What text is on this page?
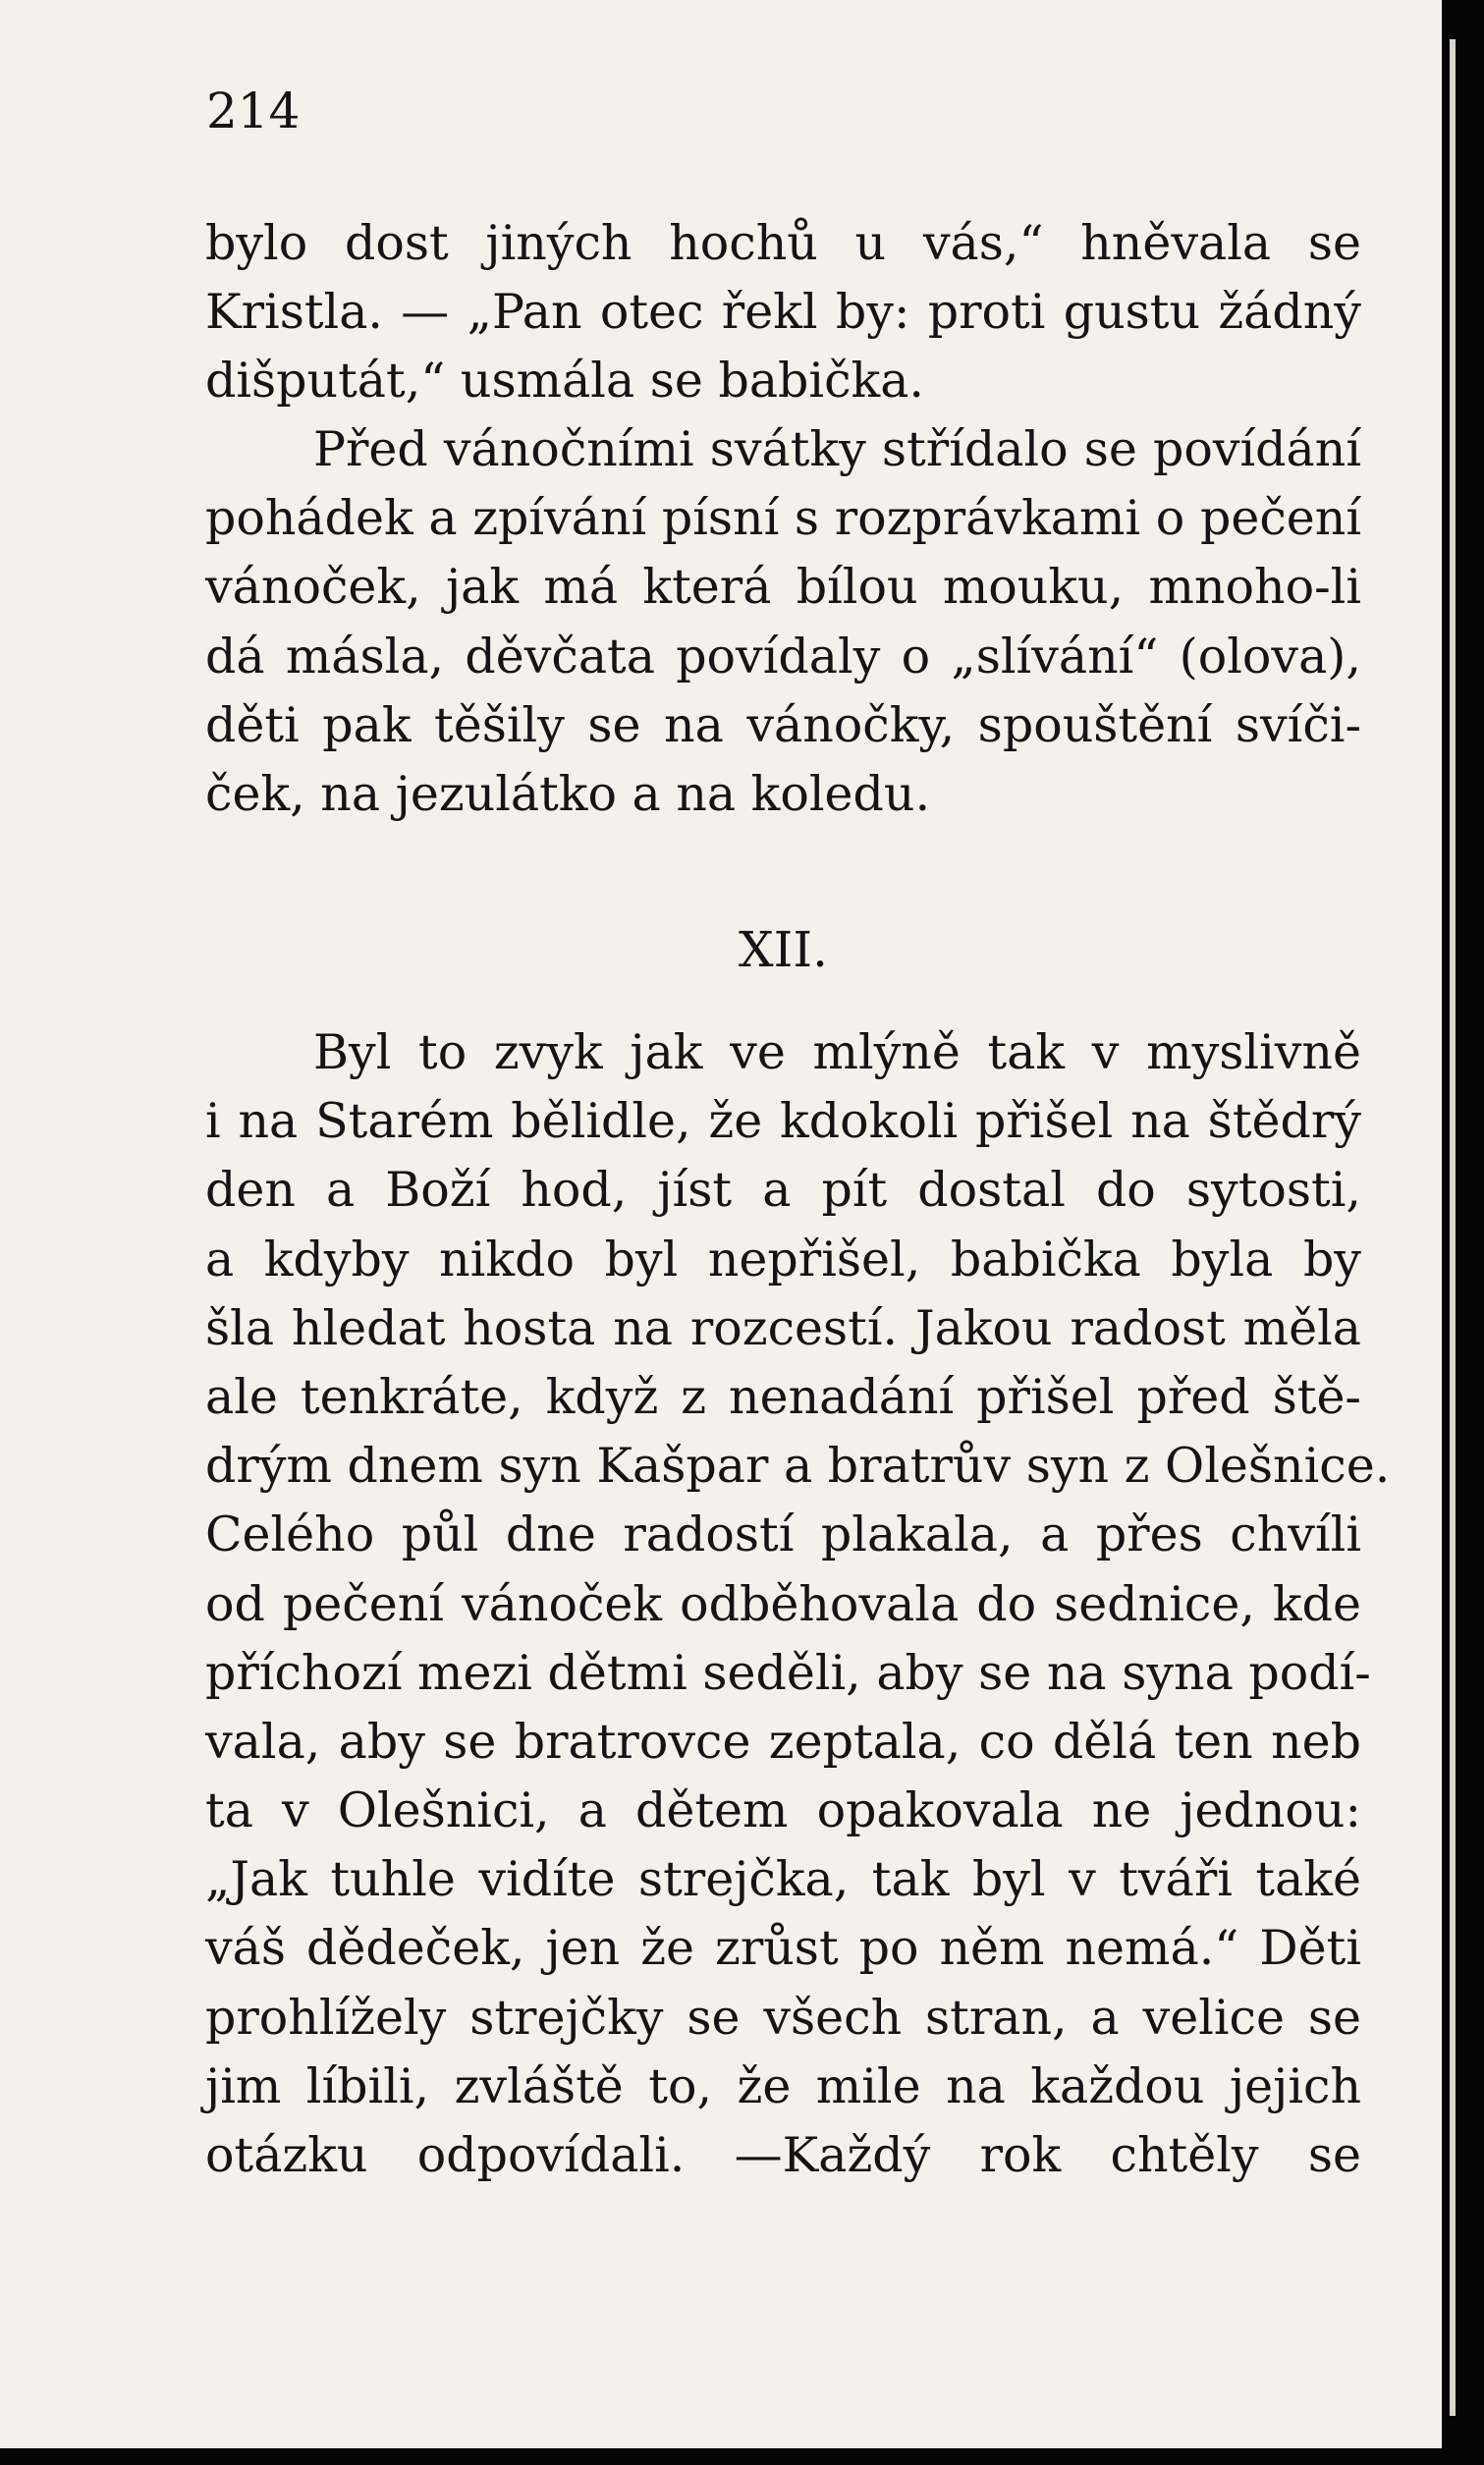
214

bylo dost jiných hochů u vás,“ hněvala se
Kristla. — „Pan otec řekl by: proti gustu žádný
dišputát,“ usmála se babička.

Před vánočními svátky střídalo se povídání
pohádek a zpívání písní s rozprávkami o pečení
vánoček, jak má která bílou mouku, mnoho-li
dá másla, děvčata povídaly o „slívání“ (olova),
děti pak těšily se na vánočky, spouštění svíči-
ček, na jezulátko a na koledu.

XII.

Byl to zvyk jak ve mlýně tak v myslivně
i na Starém bělidle, že kdokoli přišel na štědrý
den a Boží hod, jíst a pít dostal do sytosti,
a kdyby nikdo byl nepřišel, babička byla by
šla hledat hosta na rozcestí. Jakou radost měla
ale tenkráte, když z nenadání přišel před ště-
drým dnem syn Kašpar a bratrův syn z Olešnice.
Celého půl dne radostí plakala, a přes chvíli
od pečení vánoček odběhovala do sednice, kde
příchozí mezi dětmi seděli, aby se na syna podí-
vala, aby se bratrovce zeptala, co dělá ten neb
ta v Olešnici, a dětem opakovala ne jednou:
„Jak tuhle vidíte strejčka, tak byl v tváři také
váš dědeček, jen že zrůst po něm nemá.“ Děti
prohlížely strejčky se všech stran, a velice se
jim líbili, zvláště to, že mile na každou jejich
otázku odpovídali. —Každý rok chtěly se
